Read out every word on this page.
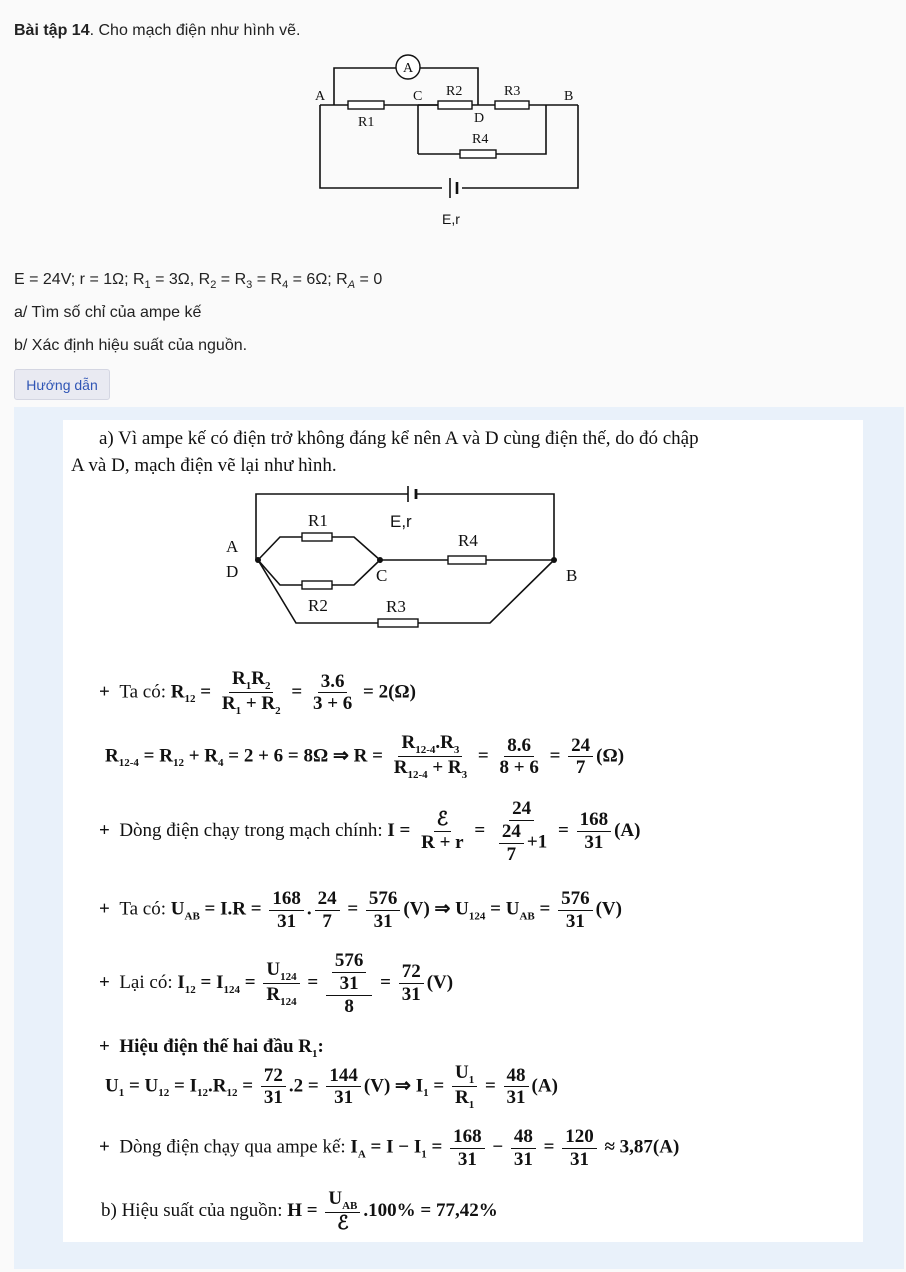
Bài tập 14. Cho mạch điện như hình vẽ.
A
A	C
D
B
R1
R2	R3
R4
E,r
E = 24V; r = 1Ω; $R_1 = 3\Omega$, $R_2 = R_3 = R_4 = 6\Omega$; $R_A = 0$
a/ Tìm số chỉ của ampe kế
b/ Xác định hiệu suất của nguồn.
Hướng dẫn
a) Vì ampe kế có điện trở không đáng kể nên A và D cùng điện thế, do đó chập
A và D, mạch điện vẽ lại như hình.
+  Ta có: $R_{12} = \frac{R_1R_2}{R_1 + R_2} = \frac{3.6}{3 + 6} = 2(\Omega)$
$R_{12-4} = R_{12} + R_4 = 2 + 6 = 8\Omega$ ⇒ $R = \frac{R_{12-4}.R_3}{R_{12-4} + R_3} = \frac{8.6}{8 + 6} = \frac{24}{7} (\Omega)$
+  Dòng điện chạy trong mạch chính: I =
ℰ
R + r
= $\frac{24}{\frac{24}{7} +1} = \frac{168}{31} (A)$
+  Ta có: $U_{AB} = I.R = \frac{168}{31}$ . $\frac{24}{7} = \frac{576}{31} (V)$ ⇒ $U_{124} = U_{AB} = \frac{576}{31} (V)$
+  Lại có: $I_{12} = I_{124} = \frac{U_{124}}{R_{124}} = \frac{\frac{576}{31}}{8} = \frac{72}{31} (V)$
+  Hiệu điện thế hai đầu $R_1$:
$U_1 = U_{12} = I_{12}.R_{12} = \frac{72}{31} .2 = \frac{144}{31} (V)$ ⇒ $I_1 = \frac{U_1}{R_1} = \frac{48}{31} (A)$
+  Dòng điện chạy qua ampe kế: $I_A = I - I_1 = \frac{168}{31} - \frac{48}{31} = \frac{120}{31} \approx 3,87(A)$
b) Hiệu suất của nguồn: H =
$U_{AB}$
ℰ
.100% = 77,42%
A
D	C	B
R1
R2	R3
R4
E,r
